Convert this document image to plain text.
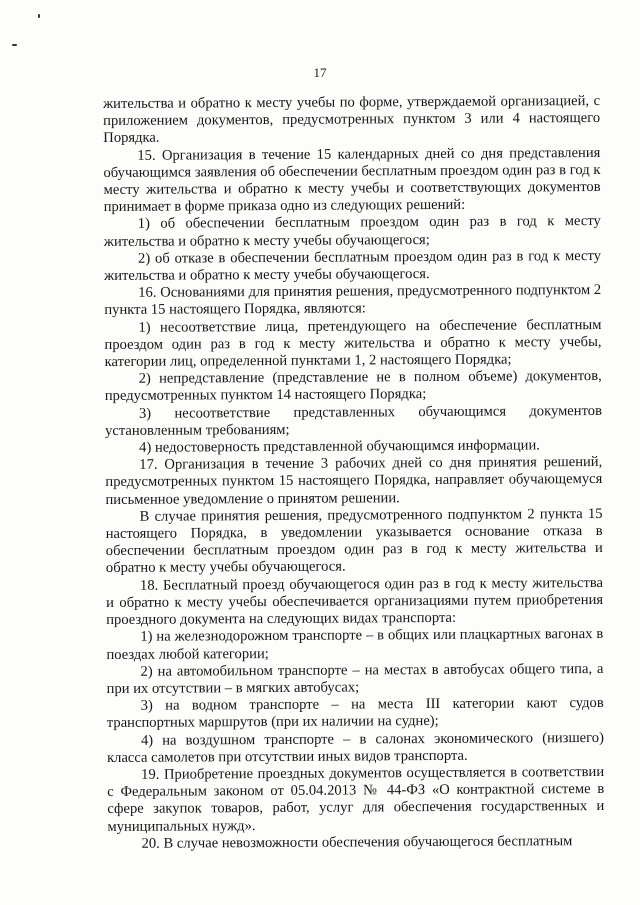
17

жительства и обратно к месту учебы по форме, утверждаемой организацией, с приложением документов, предусмотренных пунктом 3 или 4 настоящего Порядка.

15. Организация в течение 15 календарных дней со дня представления обучающимся заявления об обеспечении бесплатным проездом один раз в год к месту жительства и обратно к месту учебы и соответствующих документов принимает в форме приказа одно из следующих решений:

1) об обеспечении бесплатным проездом один раз в год к месту жительства и обратно к месту учебы обучающегося;

2) об отказе в обеспечении бесплатным проездом один раз в год к месту жительства и обратно к месту учебы обучающегося.

16. Основаниями для принятия решения, предусмотренного подпунктом 2 пункта 15 настоящего Порядка, являются:

1) несоответствие лица, претендующего на обеспечение бесплатным проездом один раз в год к месту жительства и обратно к месту учебы, категории лиц, определенной пунктами 1, 2 настоящего Порядка;

2) непредставление (представление не в полном объеме) документов, предусмотренных пунктом 14 настоящего Порядка;

3) несоответствие представленных обучающимся документов установленным требованиям;

4) недостоверность представленной обучающимся информации.

17. Организация в течение 3 рабочих дней со дня принятия решений, предусмотренных пунктом 15 настоящего Порядка, направляет обучающемуся письменное уведомление о принятом решении.

В случае принятия решения, предусмотренного подпунктом 2 пункта 15 настоящего Порядка, в уведомлении указывается основание отказа в обеспечении бесплатным проездом один раз в год к месту жительства и обратно к месту учебы обучающегося.

18. Бесплатный проезд обучающегося один раз в год к месту жительства и обратно к месту учебы обеспечивается организациями путем приобретения проездного документа на следующих видах транспорта:

1) на железнодорожном транспорте – в общих или плацкартных вагонах в поездах любой категории;

2) на автомобильном транспорте – на местах в автобусах общего типа, а при их отсутствии – в мягких автобусах;

3) на водном транспорте – на места III категории кают судов транспортных маршрутов (при их наличии на судне);

4) на воздушном транспорте – в салонах экономического (низшего) класса самолетов при отсутствии иных видов транспорта.

19. Приобретение проездных документов осуществляется в соответствии с Федеральным законом от 05.04.2013 № 44-ФЗ «О контрактной системе в сфере закупок товаров, работ, услуг для обеспечения государственных и муниципальных нужд».

20. В случае невозможности обеспечения обучающегося бесплатным
